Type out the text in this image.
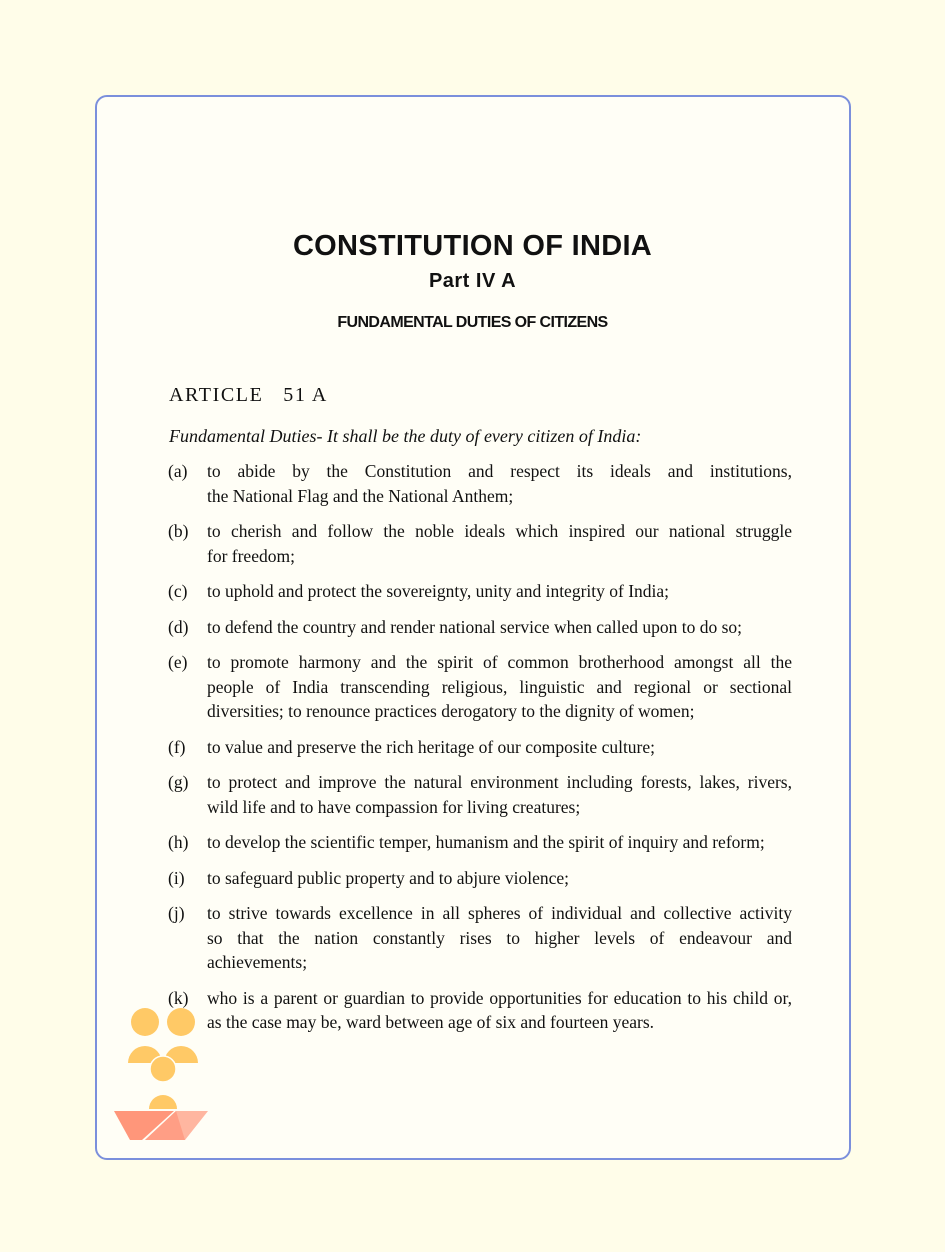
CONSTITUTION OF INDIA
Part IV A
FUNDAMENTAL DUTIES OF CITIZENS
ARTICLE   51 A
Fundamental Duties- It shall be the duty of every citizen of India:
(a) to abide by the Constitution and respect its ideals and institutions,
the National Flag and the National Anthem;
(b) to cherish and follow the noble ideals which inspired our national struggle
for freedom;
(c) to uphold and protect the sovereignty, unity and integrity of India;
(d) to defend the country and render national service when called upon to do so;
(e) to promote harmony and the spirit of common brotherhood amongst all the
people of India transcending religious, linguistic and regional or sectional
diversities; to renounce practices derogatory to the dignity of women;
(f) to value and preserve the rich heritage of our composite culture;
(g) to protect and improve the natural environment including forests, lakes, rivers,
wild life and to have compassion for living creatures;
(h) to develop the scientific temper, humanism and the spirit of inquiry and reform;
(i) to safeguard public property and to abjure violence;
(j) to strive towards excellence in all spheres of individual and collective activity
so that the nation constantly rises to higher levels of endeavour and
achievements;
(k) who is a parent or guardian to provide opportunities for education to his child or,
as the case may be, ward between age of six and fourteen years.
